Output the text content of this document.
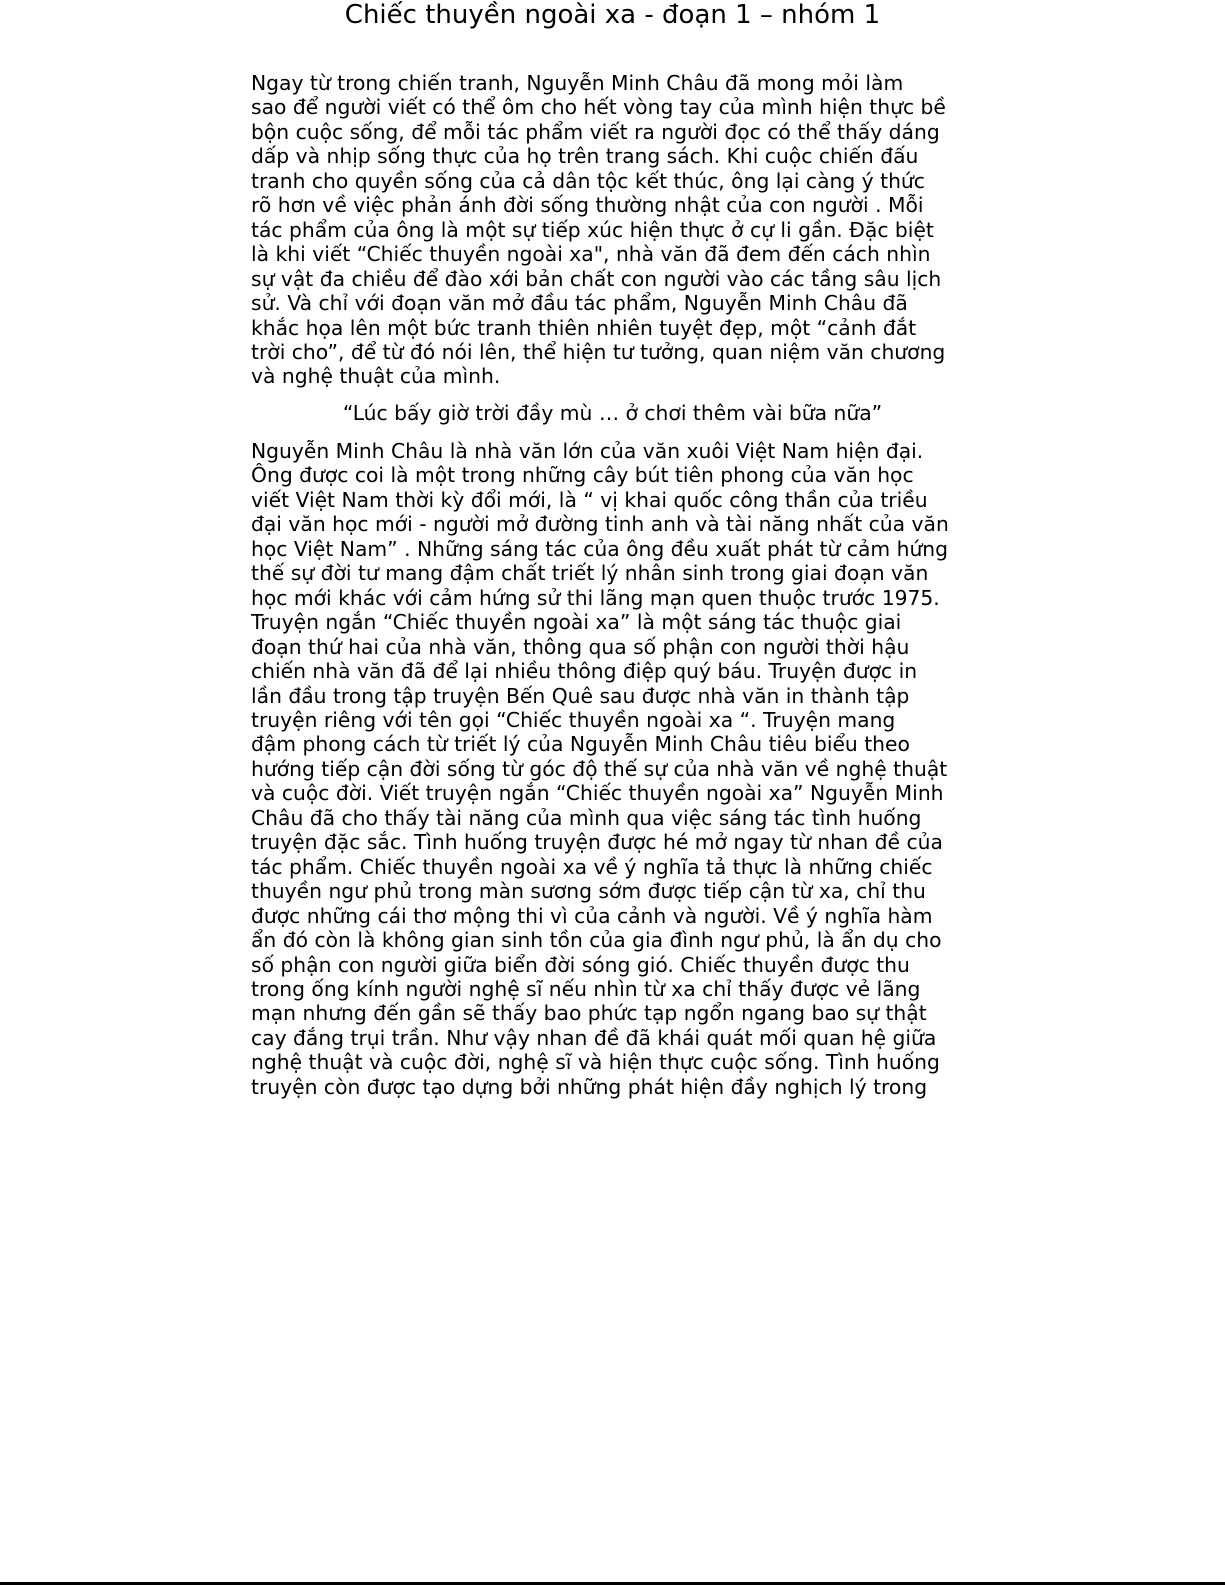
Chiếc thuyền ngoài xa - đoạn 1 – nhóm 1

Ngay từ trong chiến tranh, Nguyễn Minh Châu đã mong mỏi làm
sao để người viết có thể ôm cho hết vòng tay của mình hiện thực bề
bộn cuộc sống, để mỗi tác phẩm viết ra người đọc có thể thấy dáng
dấp và nhịp sống thực của họ trên trang sách. Khi cuộc chiến đấu
tranh cho quyền sống của cả dân tộc kết thúc, ông lại càng ý thức
rõ hơn về việc phản ánh đời sống thường nhật của con người . Mỗi
tác phẩm của ông là một sự tiếp xúc hiện thực ở cự li gần. Đặc biệt
là khi viết “Chiếc thuyền ngoài xa", nhà văn đã đem đến cách nhìn
sự vật đa chiều để đào xới bản chất con người vào các tầng sâu lịch
sử. Và chỉ với đoạn văn mở đầu tác phẩm, Nguyễn Minh Châu đã
khắc họa lên một bức tranh thiên nhiên tuyệt đẹp, một “cảnh đắt
trời cho”, để từ đó nói lên, thể hiện tư tưởng, quan niệm văn chương
và nghệ thuật của mình.

“Lúc bấy giờ trời đầy mù … ở chơi thêm vài bữa nữa”

Nguyễn Minh Châu là nhà văn lớn của văn xuôi Việt Nam hiện đại.
Ông được coi là một trong những cây bút tiên phong của văn học
viết Việt Nam thời kỳ đổi mới, là “ vị khai quốc công thần của triều
đại văn học mới - người mở đường tinh anh và tài năng nhất của văn
học Việt Nam” . Những sáng tác của ông đều xuất phát từ cảm hứng
thế sự đời tư mang đậm chất triết lý nhân sinh trong giai đoạn văn
học mới khác với cảm hứng sử thi lãng mạn quen thuộc trước 1975.
Truyện ngắn “Chiếc thuyền ngoài xa” là một sáng tác thuộc giai
đoạn thứ hai của nhà văn, thông qua số phận con người thời hậu
chiến nhà văn đã để lại nhiều thông điệp quý báu. Truyện được in
lần đầu trong tập truyện Bến Quê sau được nhà văn in thành tập
truyện riêng với tên gọi “Chiếc thuyền ngoài xa “. Truyện mang
đậm phong cách từ triết lý của Nguyễn Minh Châu tiêu biểu theo
hướng tiếp cận đời sống từ góc độ thế sự của nhà văn về nghệ thuật
và cuộc đời. Viết truyện ngắn “Chiếc thuyền ngoài xa” Nguyễn Minh
Châu đã cho thấy tài năng của mình qua việc sáng tác tình huống
truyện đặc sắc. Tình huống truyện được hé mở ngay từ nhan đề của
tác phẩm. Chiếc thuyền ngoài xa về ý nghĩa tả thực là những chiếc
thuyền ngư phủ trong màn sương sớm được tiếp cận từ xa, chỉ thu
được những cái thơ mộng thi vì của cảnh và người. Về ý nghĩa hàm
ẩn đó còn là không gian sinh tồn của gia đình ngư phủ, là ẩn dụ cho
số phận con người giữa biển đời sóng gió. Chiếc thuyền được thu
trong ống kính người nghệ sĩ nếu nhìn từ xa chỉ thấy được vẻ lãng
mạn nhưng đến gần sẽ thấy bao phức tạp ngổn ngang bao sự thật
cay đắng trụi trần. Như vậy nhan đề đã khái quát mối quan hệ giữa
nghệ thuật và cuộc đời, nghệ sĩ và hiện thực cuộc sống. Tình huống
truyện còn được tạo dựng bởi những phát hiện đầy nghịch lý trong
